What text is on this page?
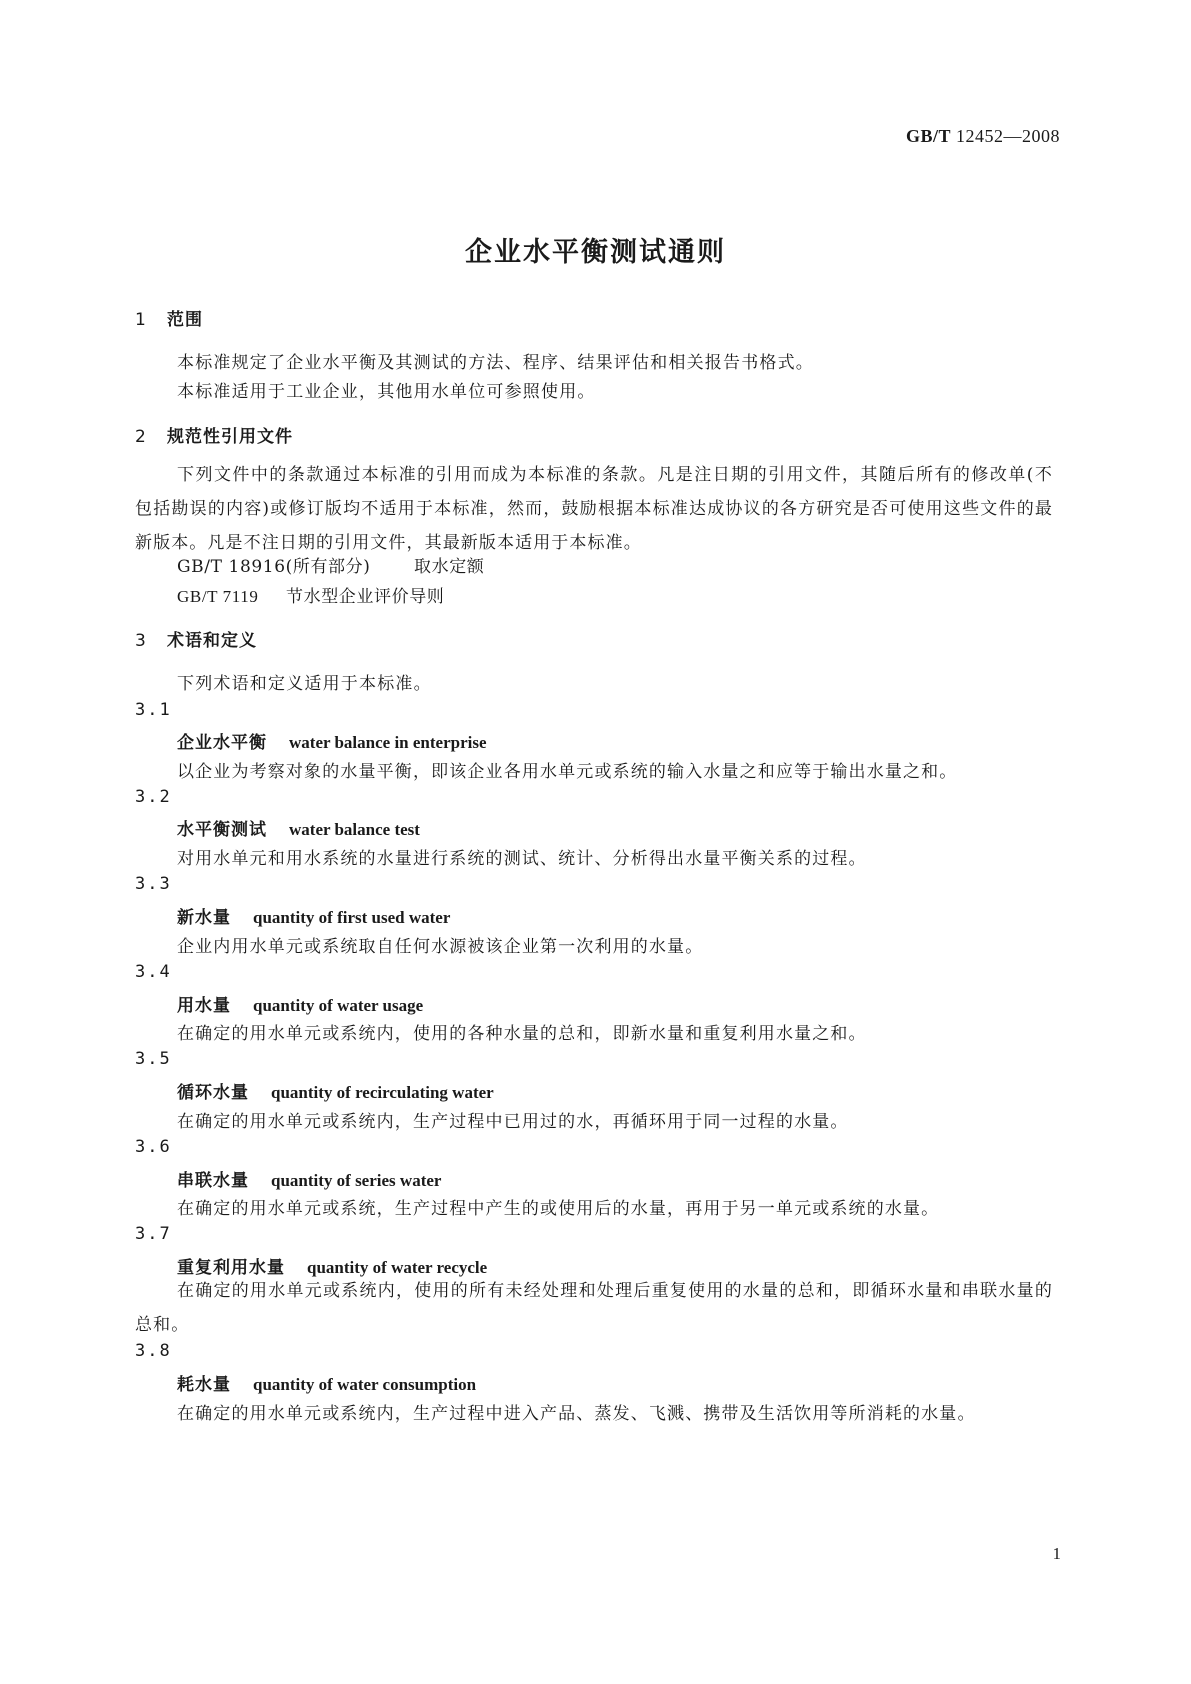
GB/T 12452—2008
企业水平衡测试通则
1 范围
本标准规定了企业水平衡及其测试的方法、程序、结果评估和相关报告书格式。
本标准适用于工业企业，其他用水单位可参照使用。
2 规范性引用文件
下列文件中的条款通过本标准的引用而成为本标准的条款。凡是注日期的引用文件，其随后所有的修改单(不包括勘误的内容)或修订版均不适用于本标准，然而，鼓励根据本标准达成协议的各方研究是否可使用这些文件的最新版本。凡是不注日期的引用文件，其最新版本适用于本标准。
GB/T 18916(所有部分)	取水定额
GB/T 7119 节水型企业评价导则
3 术语和定义
下列术语和定义适用于本标准。
3.1
企业水平衡 water balance in enterprise
以企业为考察对象的水量平衡，即该企业各用水单元或系统的输入水量之和应等于输出水量之和。
3.2
水平衡测试 water balance test
对用水单元和用水系统的水量进行系统的测试、统计、分析得出水量平衡关系的过程。
3.3
新水量 quantity of first used water
企业内用水单元或系统取自任何水源被该企业第一次利用的水量。
3.4
用水量 quantity of water usage
在确定的用水单元或系统内，使用的各种水量的总和，即新水量和重复利用水量之和。
3.5
循环水量 quantity of recirculating water
在确定的用水单元或系统内，生产过程中已用过的水，再循环用于同一过程的水量。
3.6
串联水量 quantity of series water
在确定的用水单元或系统，生产过程中产生的或使用后的水量，再用于另一单元或系统的水量。
3.7
重复利用水量 quantity of water recycle
在确定的用水单元或系统内，使用的所有未经处理和处理后重复使用的水量的总和，即循环水量和串联水量的总和。
3.8
耗水量 quantity of water consumption
在确定的用水单元或系统内，生产过程中进入产品、蒸发、飞溅、携带及生活饮用等所消耗的水量。
1
